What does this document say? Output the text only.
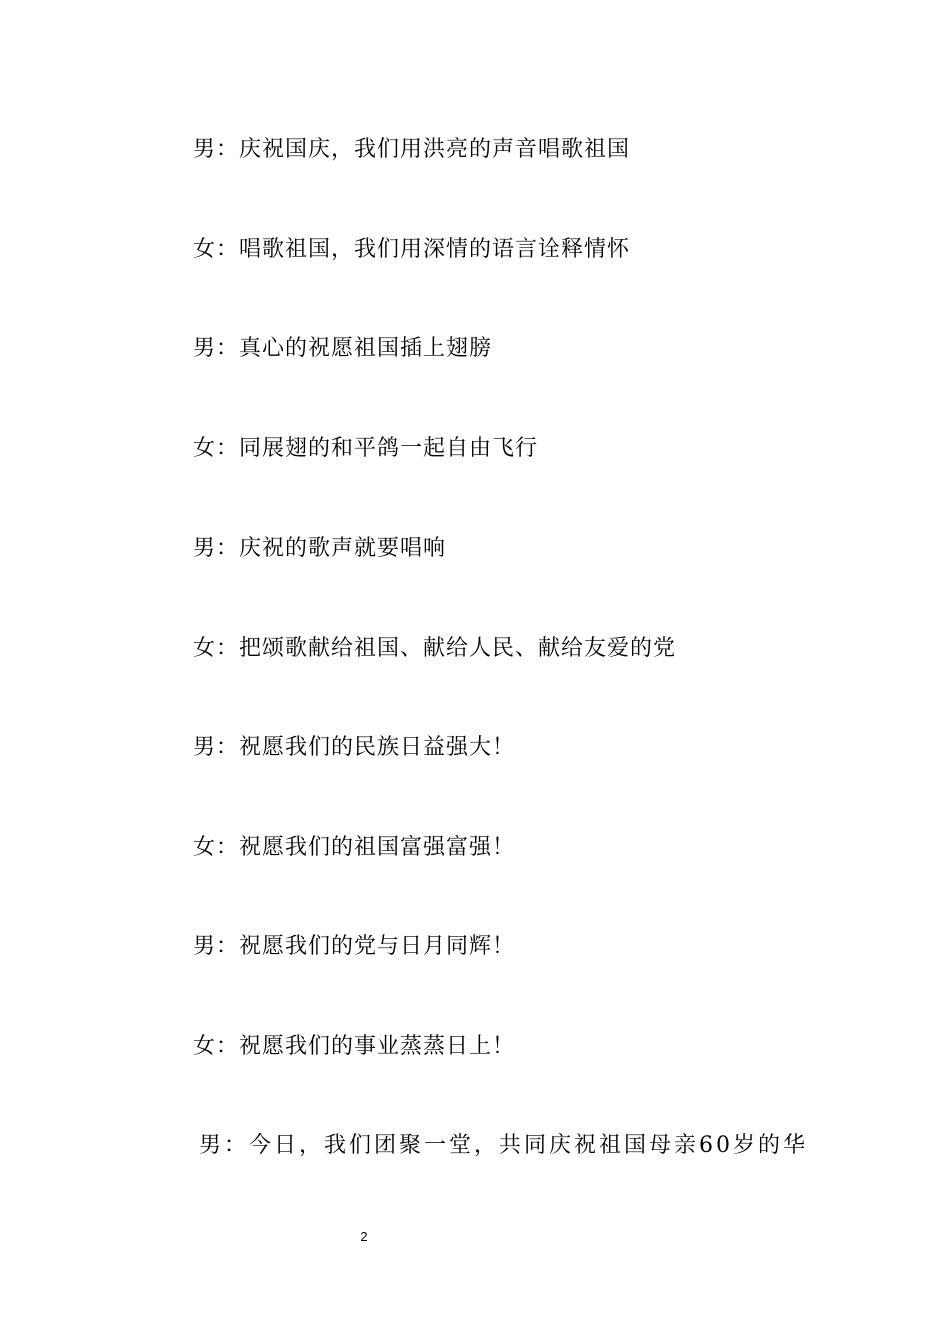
男：庆祝国庆，我们用洪亮的声音唱歌祖国
女：唱歌祖国，我们用深情的语言诠释情怀
男：真心的祝愿祖国插上翅膀
女：同展翅的和平鸽一起自由飞行
男：庆祝的歌声就要唱响
女：把颂歌献给祖国、献给人民、献给友爱的党
男：祝愿我们的民族日益强大！
女：祝愿我们的祖国富强富强！
男：祝愿我们的党与日月同辉！
女：祝愿我们的事业蒸蒸日上！
男：今日，我们团聚一堂，共同庆祝祖国母亲60岁的华
2
